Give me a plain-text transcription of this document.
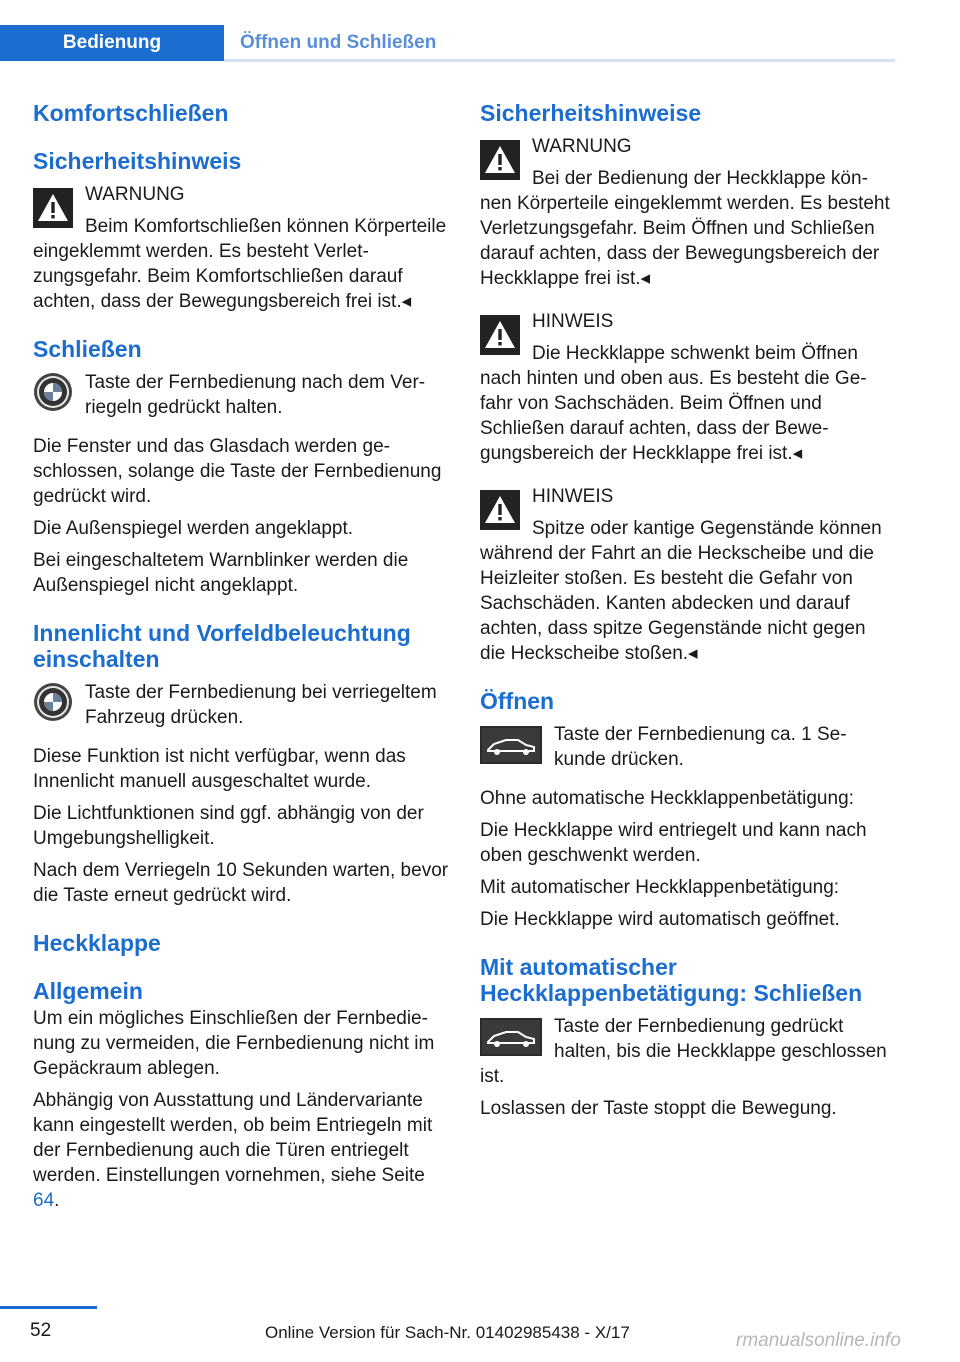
Bedienung	Öffnen und Schließen
Komfortschließen
Sicherheitshinweis
WARNUNG
Beim Komfortschließen können Körperteile eingeklemmt werden. Es besteht Verletzungsgefahr. Beim Komfortschließen darauf achten, dass der Bewegungsbereich frei ist.◂
Schließen
Taste der Fernbedienung nach dem Verriegeln gedrückt halten.

Die Fenster und das Glasdach werden geschlossen, solange die Taste der Fernbedienung gedrückt wird.

Die Außenspiegel werden angeklappt.

Bei eingeschaltetem Warnblinker werden die Außenspiegel nicht angeklappt.

Innenlicht und Vorfeldbeleuchtung einschalten
Taste der Fernbedienung bei verriegeltem Fahrzeug drücken.

Diese Funktion ist nicht verfügbar, wenn das Innenlicht manuell ausgeschaltet wurde.

Die Lichtfunktionen sind ggf. abhängig von der Umgebungshelligkeit.

Nach dem Verriegeln 10 Sekunden warten, bevor die Taste erneut gedrückt wird.

Heckklappe
Allgemein

Um ein mögliches Einschließen der Fernbedienung zu vermeiden, die Fernbedienung nicht im Gepäckraum ablegen.

Abhängig von Ausstattung und Ländervariante kann eingestellt werden, ob beim Entriegeln mit der Fernbedienung auch die Türen entriegelt werden. Einstellungen vornehmen, siehe Seite 64.

Sicherheitshinweise
WARNUNG
Bei der Bedienung der Heckklappe können Körperteile eingeklemmt werden. Es besteht Verletzungsgefahr. Beim Öffnen und Schließen darauf achten, dass der Bewegungsbereich der Heckklappe frei ist.◂
HINWEIS
Die Heckklappe schwenkt beim Öffnen nach hinten und oben aus. Es besteht die Gefahr von Sachschäden. Beim Öffnen und Schließen darauf achten, dass der Bewegungsbereich der Heckklappe frei ist.◂
HINWEIS
Spitze oder kantige Gegenstände können während der Fahrt an die Heckscheibe und die Heizleiter stoßen. Es besteht die Gefahr von Sachschäden. Kanten abdecken und darauf achten, dass spitze Gegenstände nicht gegen die Heckscheibe stoßen.◂
Öffnen
Taste der Fernbedienung ca. 1 Sekunde drücken.

Ohne automatische Heckklappenbetätigung:

Die Heckklappe wird entriegelt und kann nach oben geschwenkt werden.

Mit automatischer Heckklappenbetätigung:

Die Heckklappe wird automatisch geöffnet.

Mit automatischer Heckklappenbetätigung: Schließen
Taste der Fernbedienung gedrückt halten, bis die Heckklappe geschlossen ist.

Loslassen der Taste stoppt die Bewegung.

52	Online Version für Sach-Nr. 01402985438 - X/17	rmanualsonline.info
